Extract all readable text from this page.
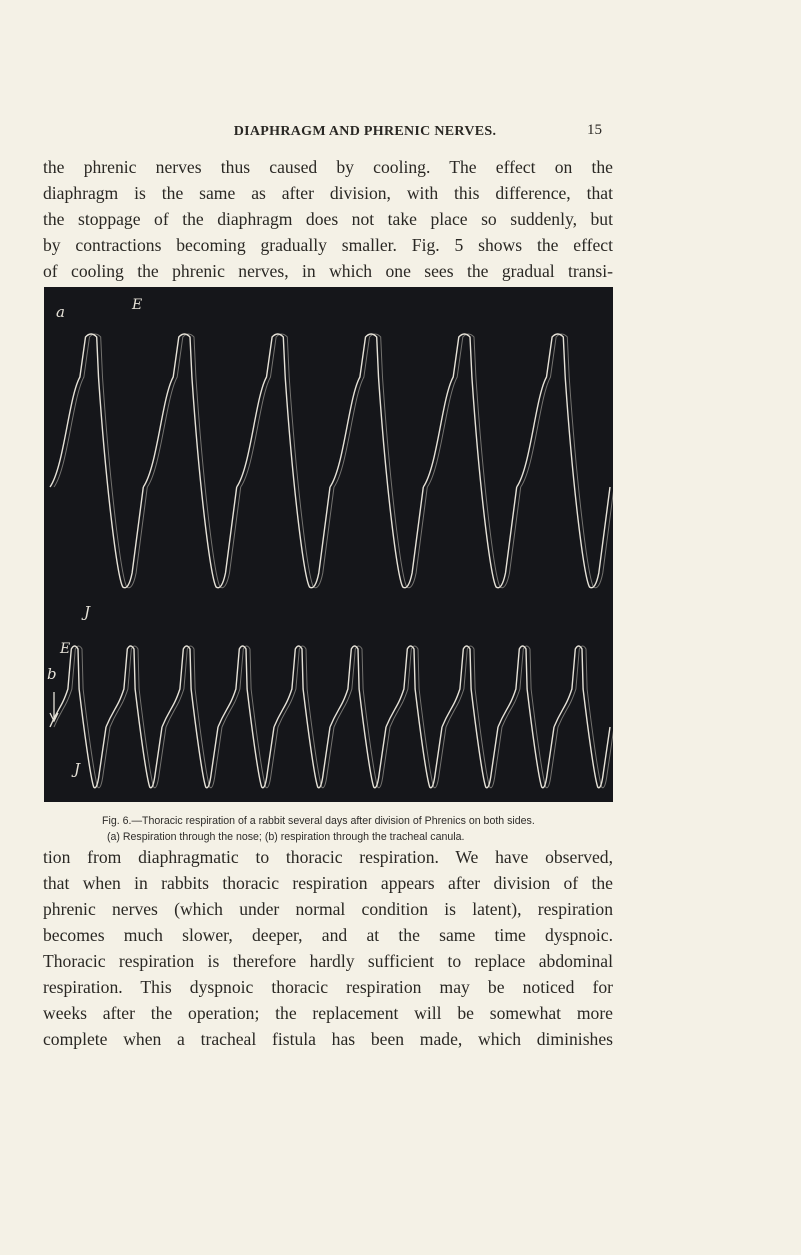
DIAPHRAGM AND PHRENIC NERVES.	15
the phrenic nerves thus caused by cooling. The effect on the
diaphragm is the same as after division, with this difference, that
the stoppage of the diaphragm does not take place so suddenly, but
by contractions becoming gradually smaller. Fig. 5 shows the effect
of cooling the phrenic nerves, in which one sees the gradual transi-
a	E
J
b
E
J
Fig. 6.—Thoracic respiration of a rabbit several days after division of Phrenics on both sides.
(a) Respiration through the nose; (b) respiration through the tracheal canula.
tion from diaphragmatic to thoracic respiration. We have observed,
that when in rabbits thoracic respiration appears after division of the
phrenic nerves (which under normal condition is latent), respiration
becomes much slower, deeper, and at the same time dyspnoic.
Thoracic respiration is therefore hardly sufficient to replace abdominal
respiration. This dyspnoic thoracic respiration may be noticed for
weeks after the operation; the replacement will be somewhat more
complete when a tracheal fistula has been made, which diminishes
